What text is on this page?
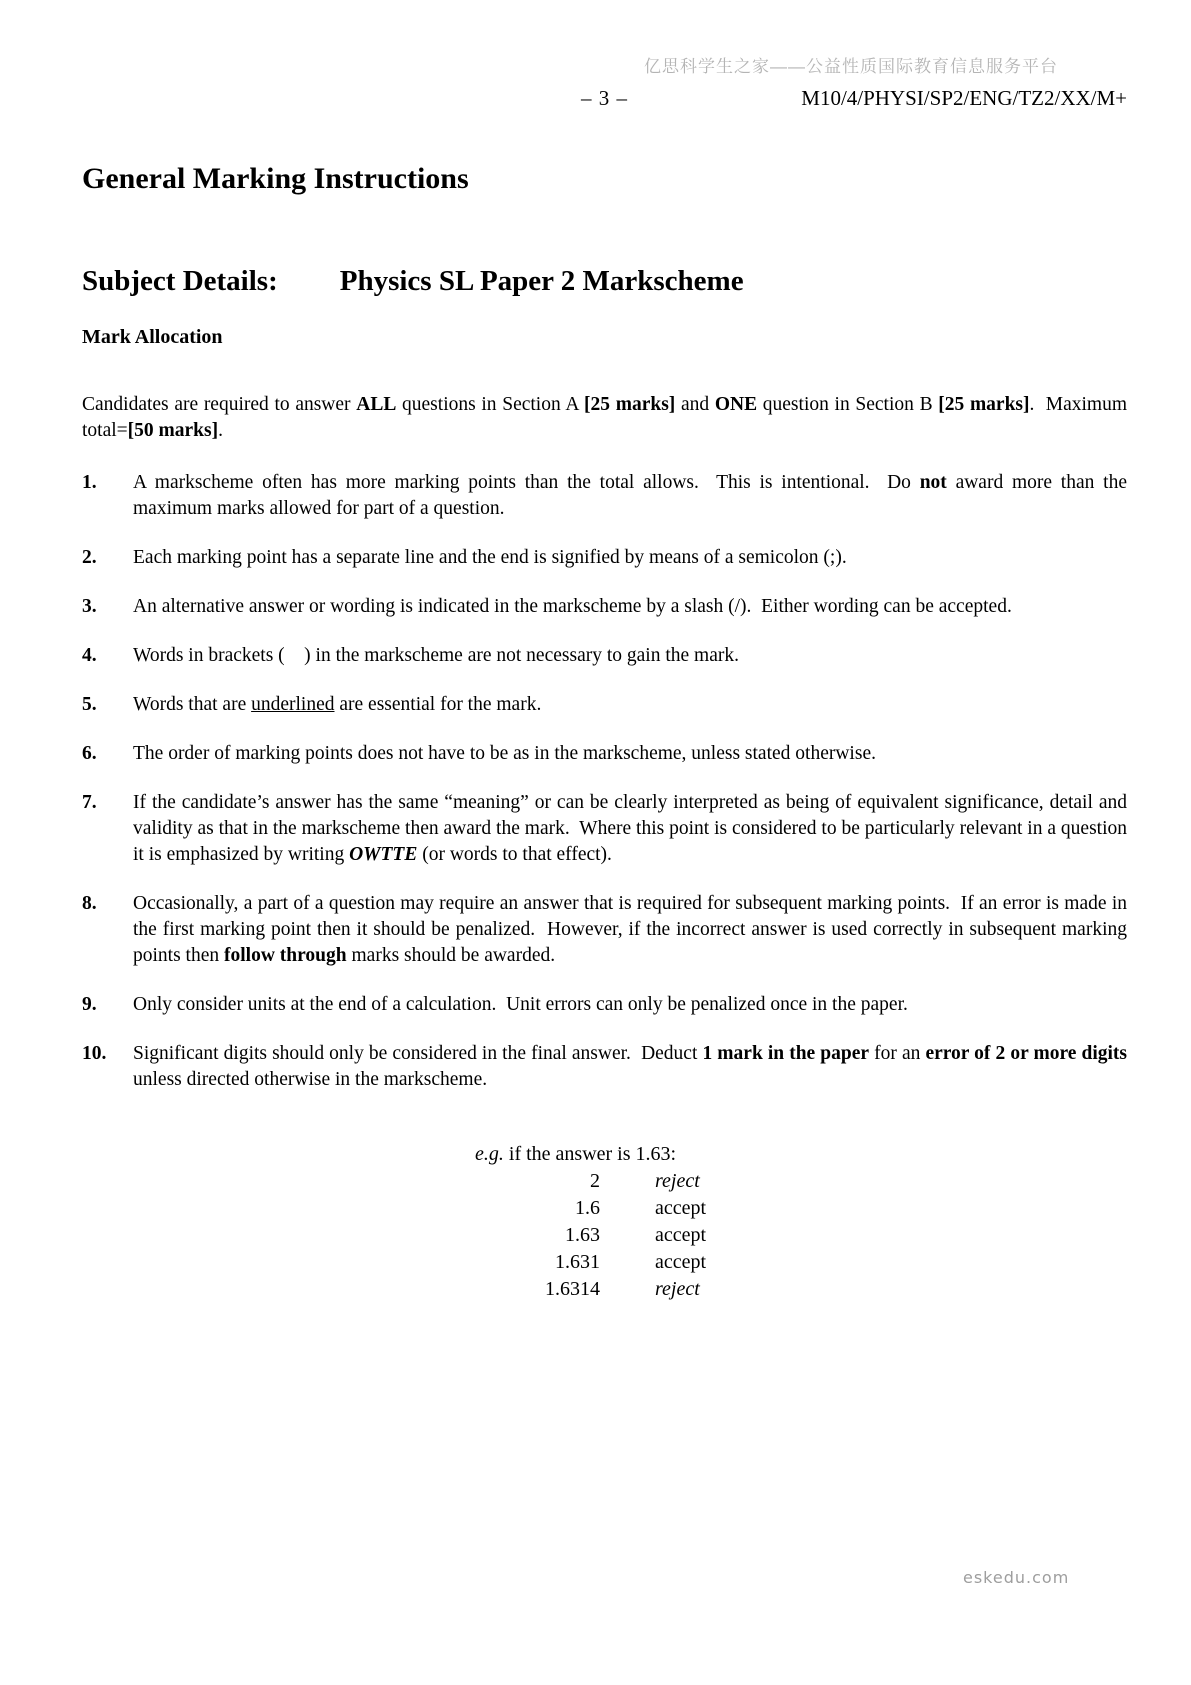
亿思科学生之家——公益性质国际教育信息服务平台
– 3 –	M10/4/PHYSI/SP2/ENG/TZ2/XX/M+
General Marking Instructions
Subject Details: Physics SL Paper 2 Markscheme
Mark Allocation

Candidates are required to answer ALL questions in Section A [25 marks] and ONE question in Section B [25 marks].  Maximum total=[50 marks].

1.	A markscheme often has more marking points than the total allows.  This is intentional.  Do not award more than the maximum marks allowed for part of a question.
2.	Each marking point has a separate line and the end is signified by means of a semicolon (;).
3.	An alternative answer or wording is indicated in the markscheme by a slash (/).  Either wording can be accepted.
4.	Words in brackets (    ) in the markscheme are not necessary to gain the mark.
5.	Words that are underlined are essential for the mark.
6.	The order of marking points does not have to be as in the markscheme, unless stated otherwise.
7.	If the candidate’s answer has the same “meaning” or can be clearly interpreted as being of equivalent significance, detail and validity as that in the markscheme then award the mark.  Where this point is considered to be particularly relevant in a question it is emphasized by writing OWTTE (or words to that effect).
8.	Occasionally, a part of a question may require an answer that is required for subsequent marking points.  If an error is made in the first marking point then it should be penalized.  However, if the incorrect answer is used correctly in subsequent marking points then follow through marks should be awarded.
9.	Only consider units at the end of a calculation.  Unit errors can only be penalized once in the paper.
10.	Significant digits should only be considered in the final answer.  Deduct 1 mark in the paper for an error of 2 or more digits unless directed otherwise in the markscheme.
e.g. if the answer is 1.63:
2	reject
1.6	accept
1.63	accept
1.631	accept
1.6314	reject
eskedu.com
